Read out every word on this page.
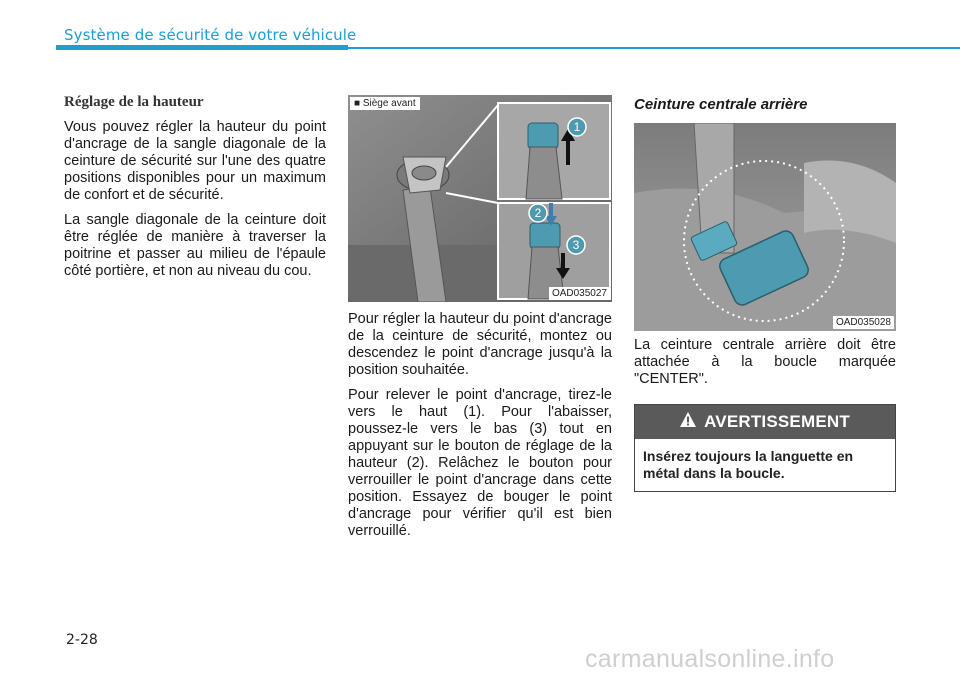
Système de sécurité de votre véhicule
Réglage de la hauteur

Vous pouvez régler la hauteur du point d'ancrage de la sangle diagonale de la ceinture de sécurité sur l'une des quatre positions disponibles pour un maximum de confort et de sécurité.

La sangle diagonale de la ceinture doit être réglée de manière à traverser la poitrine et passer au milieu de l'épaule côté portière, et non au niveau du cou.

1
2
3
■ Siège avant
OAD035027

Pour régler la hauteur du point d'ancrage de la ceinture de sécurité, montez ou descendez le point d'ancrage jusqu'à la position souhaitée.

Pour relever le point d'ancrage, tirez-le vers le haut (1). Pour l'abaisser, poussez-le vers le bas (3) tout en appuyant sur le bouton de réglage de la hauteur (2). Relâchez le bouton pour verrouiller le point d'ancrage dans cette position. Essayez de bouger le point d'ancrage pour vérifier qu'il est bien verrouillé.

Ceinture centrale arrière
OAD035028
La ceinture centrale arrière doit être attachée à la boucle marquée "CENTER".
AVERTISSEMENT
Insérez toujours la languette en métal dans la boucle.
2-28
carmanualsonline.info
